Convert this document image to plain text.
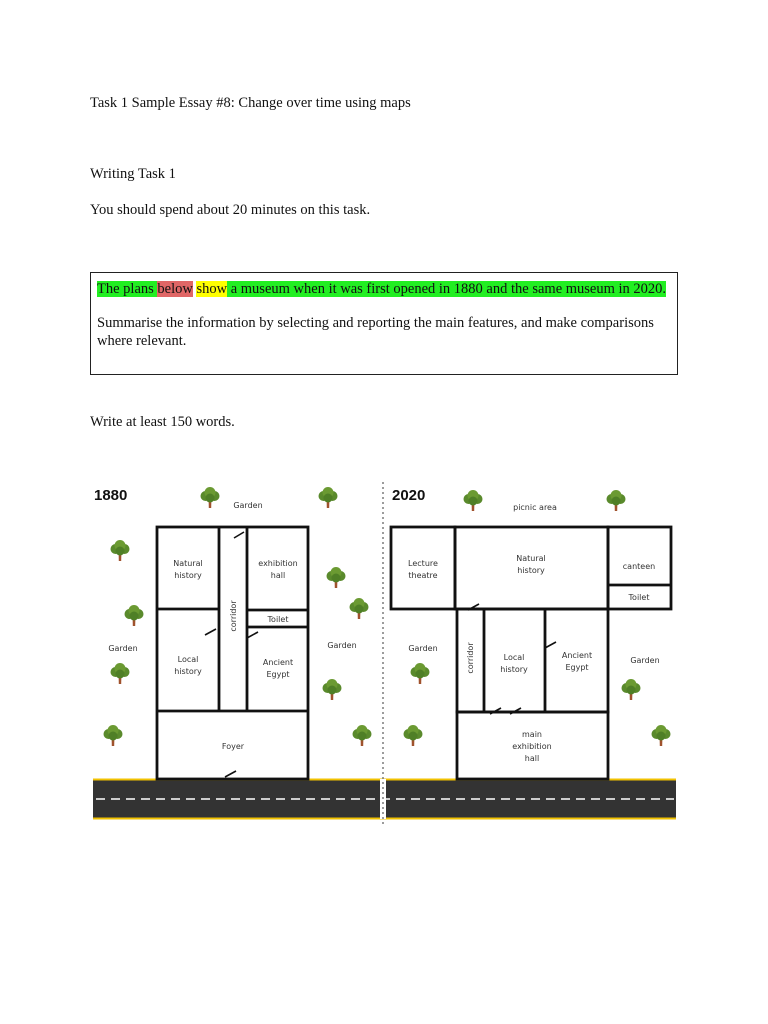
Task 1 Sample Essay #8: Change over time using maps

Writing Task 1

You should spend about 20 minutes on this task.

The plans below show a museum when it was first opened in 1880 and the same museum in 2020.

Summarise the information by selecting and reporting the main features, and make comparisons where relevant.

Write at least 150 words.

1880
Garden
Garden	Garden
Natural
history
exhibition
hall
corridor	Toilet
Local
history
Ancient
Egypt
Foyer
2020
picnic area
Lecture
theatre
Natural
history	canteen
Toilet
Garden
Garden
corridor	Local
history
Ancient
Egypt
main
exhibition
hall
